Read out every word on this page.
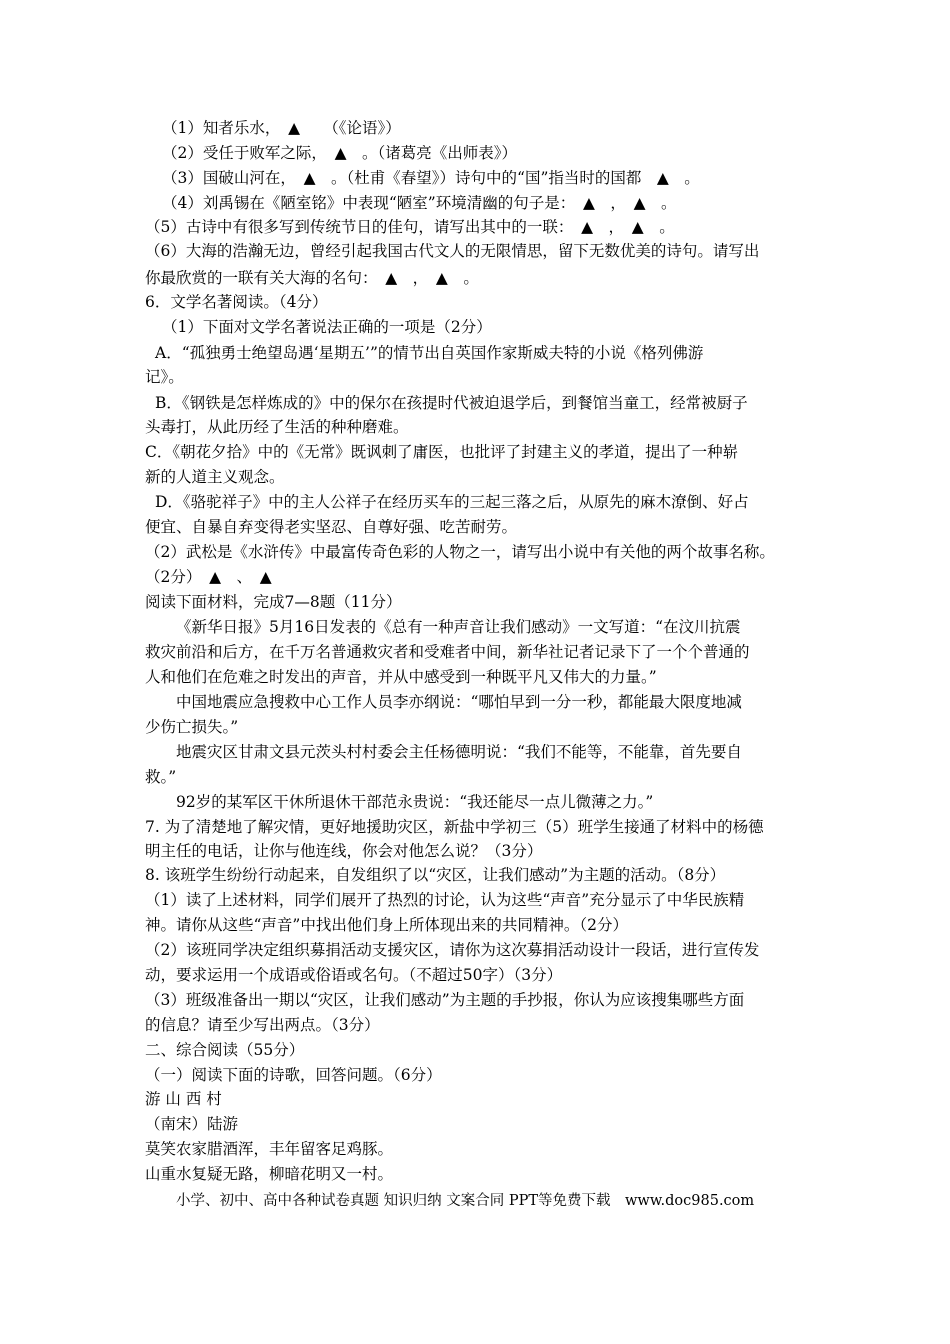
（1）知者乐水，　▲　　（《论语》）
（2）受任于败军之际，　▲　。（诸葛亮《出师表》）
（3）国破山河在，　▲　。（杜甫《春望》）诗句中的“国”指当时的国都　▲　。
（4）刘禹锡在《陋室铭》中表现“陋室”环境清幽的句子是：　▲　，　▲　。
（5）古诗中有很多写到传统节日的佳句，请写出其中的一联：　▲　，　▲　。
（6）大海的浩瀚无边，曾经引起我国古代文人的无限情思，留下无数优美的诗句。请写出
你最欣赏的一联有关大海的名句：　▲　，　▲　。
6．文学名著阅读。（4分）
（1）下面对文学名著说法正确的一项是（2分）
A．“孤独勇士绝望岛遇‘星期五’”的情节出自英国作家斯威夫特的小说《格列佛游
记》。
B．《钢铁是怎样炼成的》中的保尔在孩提时代被迫退学后，到餐馆当童工，经常被厨子
头毒打，从此历经了生活的种种磨难。
C．《朝花夕拾》中的《无常》既讽刺了庸医，也批评了封建主义的孝道，提出了一种崭
新的人道主义观念。
D．《骆驼祥子》中的主人公祥子在经历买车的三起三落之后，从原先的麻木潦倒、好占
便宜、自暴自弃变得老实坚忍、自尊好强、吃苦耐劳。
（2）武松是《水浒传》中最富传奇色彩的人物之一，请写出小说中有关他的两个故事名称。
（2分）　▲　、　▲
阅读下面材料，完成7—8题（11分）
《新华日报》5月16日发表的《总有一种声音让我们感动》一文写道：“在汶川抗震
救灾前沿和后方，在千万名普通救灾者和受难者中间，新华社记者记录下了一个个普通的
人和他们在危难之时发出的声音，并从中感受到一种既平凡又伟大的力量。”
中国地震应急搜救中心工作人员李亦纲说：“哪怕早到一分一秒，都能最大限度地减
少伤亡损失。”
地震灾区甘肃文县元茨头村村委会主任杨德明说：“我们不能等，不能靠，首先要自
救。”
92岁的某军区干休所退休干部范永贵说：“我还能尽一点儿微薄之力。”
7. 为了清楚地了解灾情，更好地援助灾区，新盐中学初三（5）班学生接通了材料中的杨德
明主任的电话，让你与他连线，你会对他怎么说？（3分）
8. 该班学生纷纷行动起来，自发组织了以“灾区，让我们感动”为主题的活动。（8分）
（1）读了上述材料，同学们展开了热烈的讨论，认为这些“声音”充分显示了中华民族精
神。请你从这些“声音”中找出他们身上所体现出来的共同精神。（2分）
（2）该班同学决定组织募捐活动支援灾区，请你为这次募捐活动设计一段话，进行宣传发
动，要求运用一个成语或俗语或名句。（不超过50字）（3分）
（3）班级准备出一期以“灾区，让我们感动”为主题的手抄报，你认为应该搜集哪些方面
的信息？请至少写出两点。（3分）
二、综合阅读（55分）
（一）阅读下面的诗歌，回答问题。（6分）
游 山 西 村
（南宋）陆游
莫笑农家腊酒浑，丰年留客足鸡豚。
山重水复疑无路，柳暗花明又一村。
小学、初中、高中各种试卷真题 知识归纳 文案合同 PPT等免费下载　www.doc985.com
